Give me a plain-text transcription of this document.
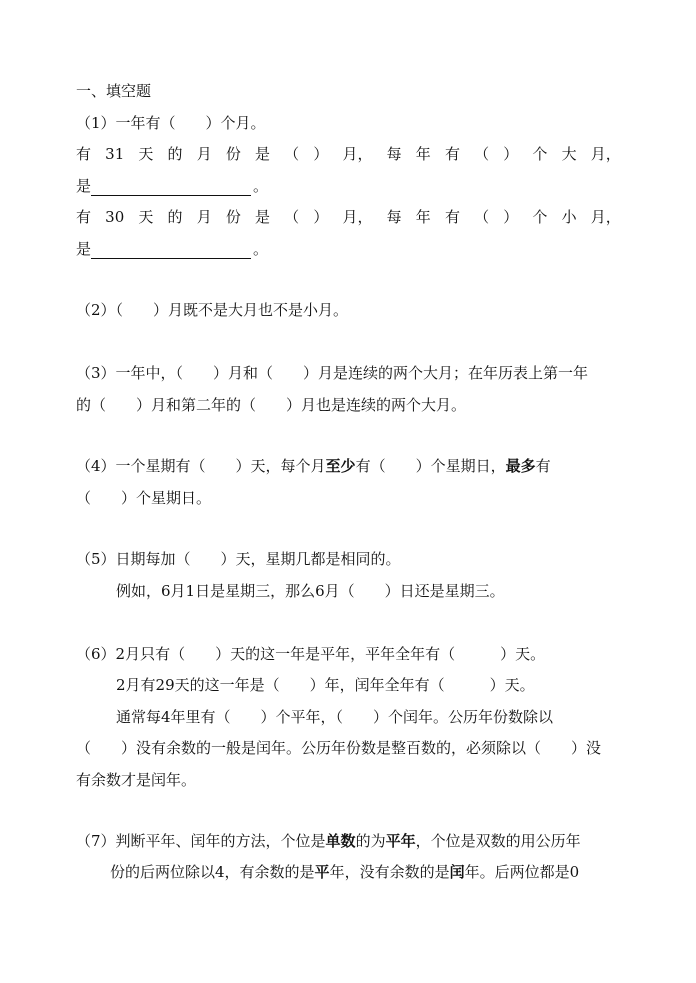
一、填空题
（1）一年有（　　）个月。
有 31 天 的 月 份 是 （ ） 月， 每 年 有 （ ） 个 大 月，
是	。
有 30 天 的 月 份 是 （ ） 月， 每 年 有 （ ） 个 小 月，
是	。
（2）（　　）月既不是大月也不是小月。
（3）一年中，（　　）月和（　　）月是连续的两个大月；在年历表上第一年
的（　　）月和第二年的（　　）月也是连续的两个大月。
（4）一个星期有（　　）天，每个月至少有（　　）个星期日，最多有
（　　）个星期日。
（5）日期每加（　　）天，星期几都是相同的。
例如，6月1日是星期三，那么6月（　　）日还是星期三。
（6）2月只有（　　）天的这一年是平年，平年全年有（　　　）天。
2月有29天的这一年是（　　）年，闰年全年有（　　　）天。
通常每4年里有（　　）个平年，（　　）个闰年。公历年份数除以
（　　）没有余数的一般是闰年。公历年份数是整百数的，必须除以（　　）没
有余数才是闰年。
（7）判断平年、闰年的方法，个位是单数的为平年，个位是双数的用公历年
份的后两位除以4，有余数的是平年，没有余数的是闰年。后两位都是0
